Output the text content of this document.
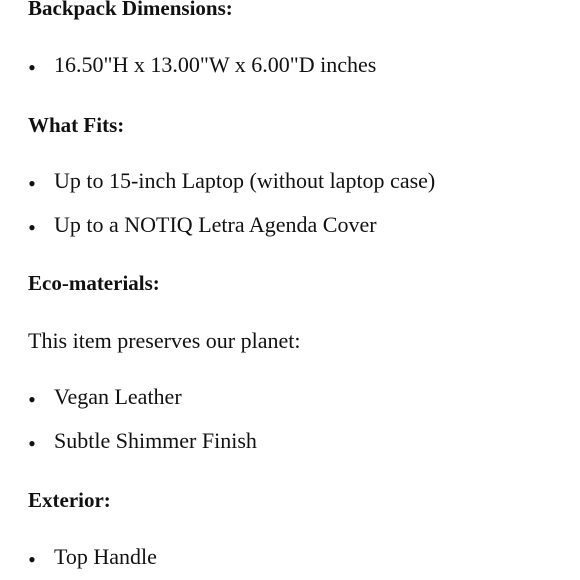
Backpack Dimensions:
• 16.50"H x 13.00"W x 6.00"D inches
What Fits:
• Up to 15-inch Laptop (without laptop case)
• Up to a NOTIQ Letra Agenda Cover
Eco-materials:

This item preserves our planet:

• Vegan Leather
• Subtle Shimmer Finish
Exterior:
• Top Handle
